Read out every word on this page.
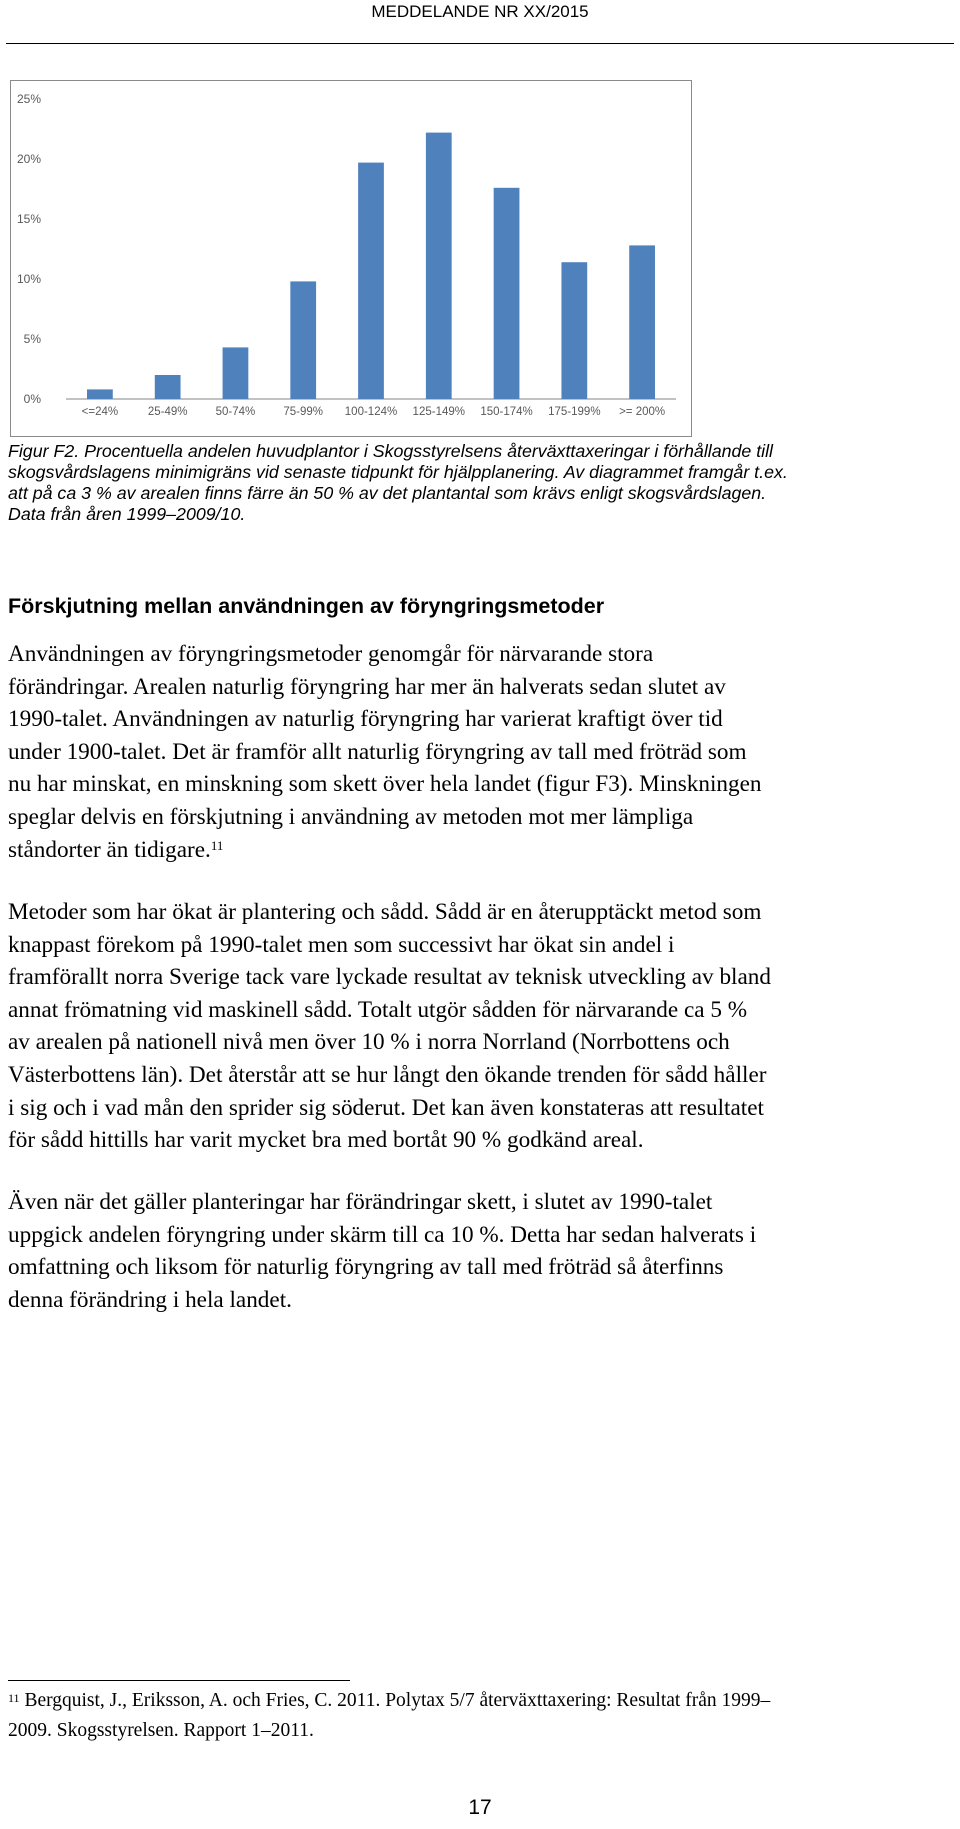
MEDDELANDE NR XX/2015
0%
5%
10%
15%
20%
25%
<=24%	25-49% 50-74% 75-99% 100-124% 125-149% 150-174% 175-199% >= 200%

Figur F2. Procentuella andelen huvudplantor i Skogsstyrelsens återväxttaxeringar i förhållande till
skogsvårdslagens minimigräns vid senaste tidpunkt för hjälpplanering. Av diagrammet framgår t.ex.
att på ca 3 % av arealen finns färre än 50 % av det plantantal som krävs enligt skogsvårdslagen.
Data från åren 1999–2009/10.

Förskjutning mellan användningen av föryngringsmetoder

Användningen av föryngringsmetoder genomgår för närvarande stora
förändringar. Arealen naturlig föryngring har mer än halverats sedan slutet av
1990-talet. Användningen av naturlig föryngring har varierat kraftigt över tid
under 1900-talet. Det är framför allt naturlig föryngring av tall med fröträd som
nu har minskat, en minskning som skett över hela landet (figur F3). Minskningen
speglar delvis en förskjutning i användning av metoden mot mer lämpliga
ståndorter än tidigare.$^{11}$

Metoder som har ökat är plantering och sådd. Sådd är en återupptäckt metod som
knappast förekom på 1990-talet men som successivt har ökat sin andel i
framförallt norra Sverige tack vare lyckade resultat av teknisk utveckling av bland
annat frömatning vid maskinell sådd. Totalt utgör sådden för närvarande ca 5 %
av arealen på nationell nivå men över 10 % i norra Norrland (Norrbottens och
Västerbottens län). Det återstår att se hur långt den ökande trenden för sådd håller
i sig och i vad mån den sprider sig söderut. Det kan även konstateras att resultatet
för sådd hittills har varit mycket bra med bortåt 90 % godkänd areal.

Även när det gäller planteringar har förändringar skett, i slutet av 1990-talet
uppgick andelen föryngring under skärm till ca 10 %. Detta har sedan halverats i
omfattning och liksom för naturlig föryngring av tall med fröträd så återfinns
denna förändring i hela landet.

$^{11}$ Bergquist, J., Eriksson, A. och Fries, C. 2011. Polytax 5/7 återväxttaxering: Resultat från 1999–
2009. Skogsstyrelsen. Rapport 1–2011.

17
